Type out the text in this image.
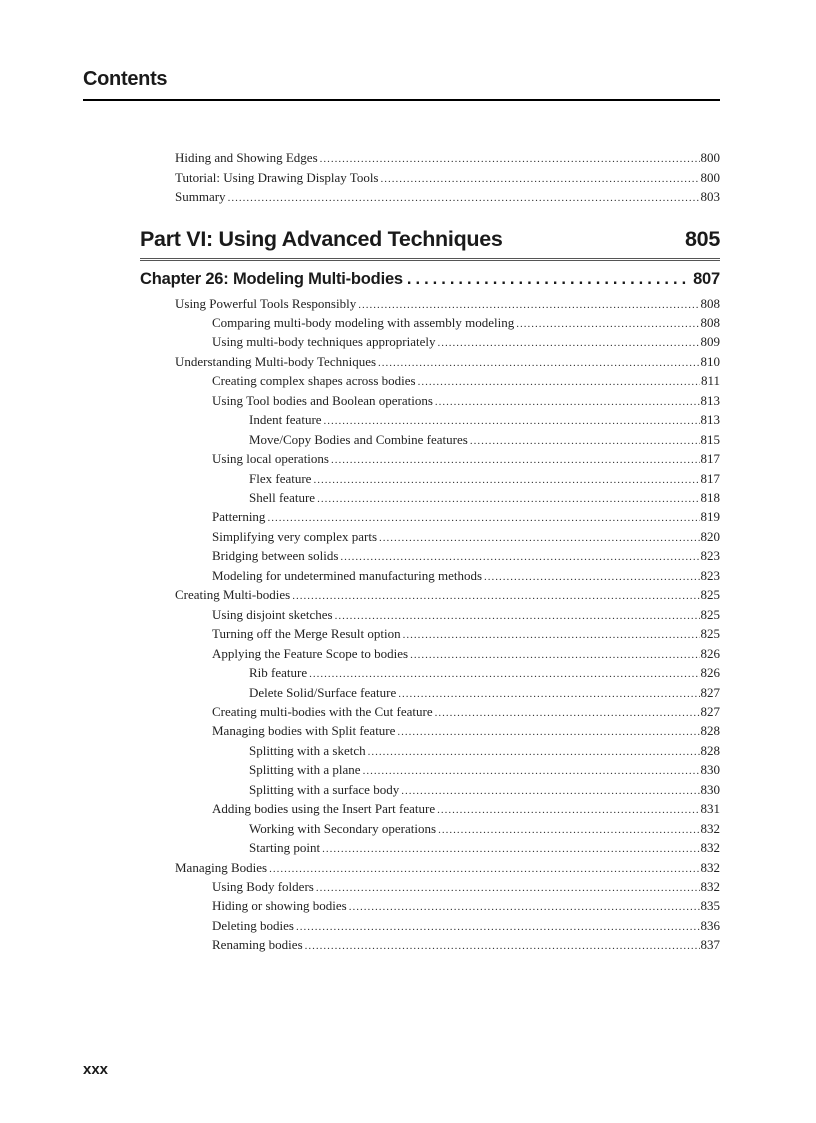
Contents
Hiding and Showing Edges .....	800
Tutorial: Using Drawing Display Tools .....	800
Summary .....	803
Part VI: Using Advanced Techniques	805
Chapter 26: Modeling Multi-bodies .....	807
Using Powerful Tools Responsibly .....	808
Comparing multi-body modeling with assembly modeling .....	808
Using multi-body techniques appropriately .....	809
Understanding Multi-body Techniques .....	810
Creating complex shapes across bodies .....	811
Using Tool bodies and Boolean operations .....	813
Indent feature .....	813
Move/Copy Bodies and Combine features .....	815
Using local operations .....	817
Flex feature .....	817
Shell feature .....	818
Patterning .....	819
Simplifying very complex parts .....	820
Bridging between solids .....	823
Modeling for undetermined manufacturing methods .....	823
Creating Multi-bodies .....	825
Using disjoint sketches .....	825
Turning off the Merge Result option .....	825
Applying the Feature Scope to bodies .....	826
Rib feature .....	826
Delete Solid/Surface feature .....	827
Creating multi-bodies with the Cut feature .....	827
Managing bodies with Split feature .....	828
Splitting with a sketch .....	828
Splitting with a plane .....	830
Splitting with a surface body .....	830
Adding bodies using the Insert Part feature .....	831
Working with Secondary operations .....	832
Starting point .....	832
Managing Bodies .....	832
Using Body folders .....	832
Hiding or showing bodies .....	835
Deleting bodies .....	836
Renaming bodies .....	837
xxx
